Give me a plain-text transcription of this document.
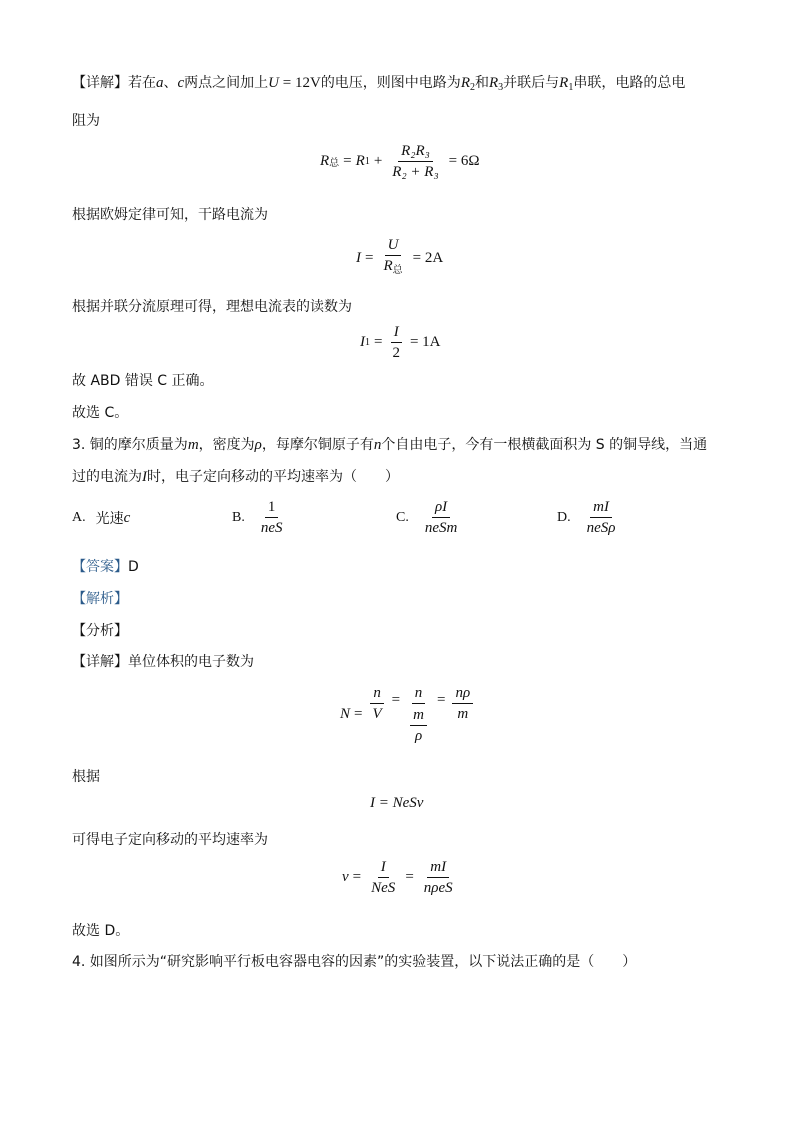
【详解】若在a、c两点之间加上U = 12V的电压，则图中电路为$R_2$和$R_3$并联后与$R_1$串联，电路的总电
阻为
R 总 = R $1 + \frac{\text{R₂R₃}}{\text{R₂ + R₃}} = 6\Omega$
根据欧姆定律可知，干路电流为
$I = \frac{U}{R_总} = 2A$
根据并联分流原理可得，理想电流表的读数为
I $1 = \frac{I}{2} = 1A$
故 ABD 错误 C 正确。
故选 C。
3. 铜的摩尔质量为m，密度为ρ，每摩尔铜原子有n个自由电子，今有一根横截面积为 S 的铜导线，当通
过的电流为I时，电子定向移动的平均速率为（　　）
A. 光速 c	B. $\frac{1}{\text{neS}}$	C. $\frac{\rho I}{\text{neSm}}$	D. $\frac{mI}{\text{neSρ}}$
【答案】D
【解析】
【分析】
【详解】单位体积的电子数为
$N = \frac{n}{V} = \frac{n}{\frac{m}{\rho}} = \frac{n\rho}{m}$
根据
I = NeSv
可得电子定向移动的平均速率为
$v = \frac{I}{\text{NeS}} = \frac{mI}{\text{nρeS}}$
故选 D。
4. 如图所示为“研究影响平行板电容器电容的因素”的实验装置，以下说法正确的是（　　）
